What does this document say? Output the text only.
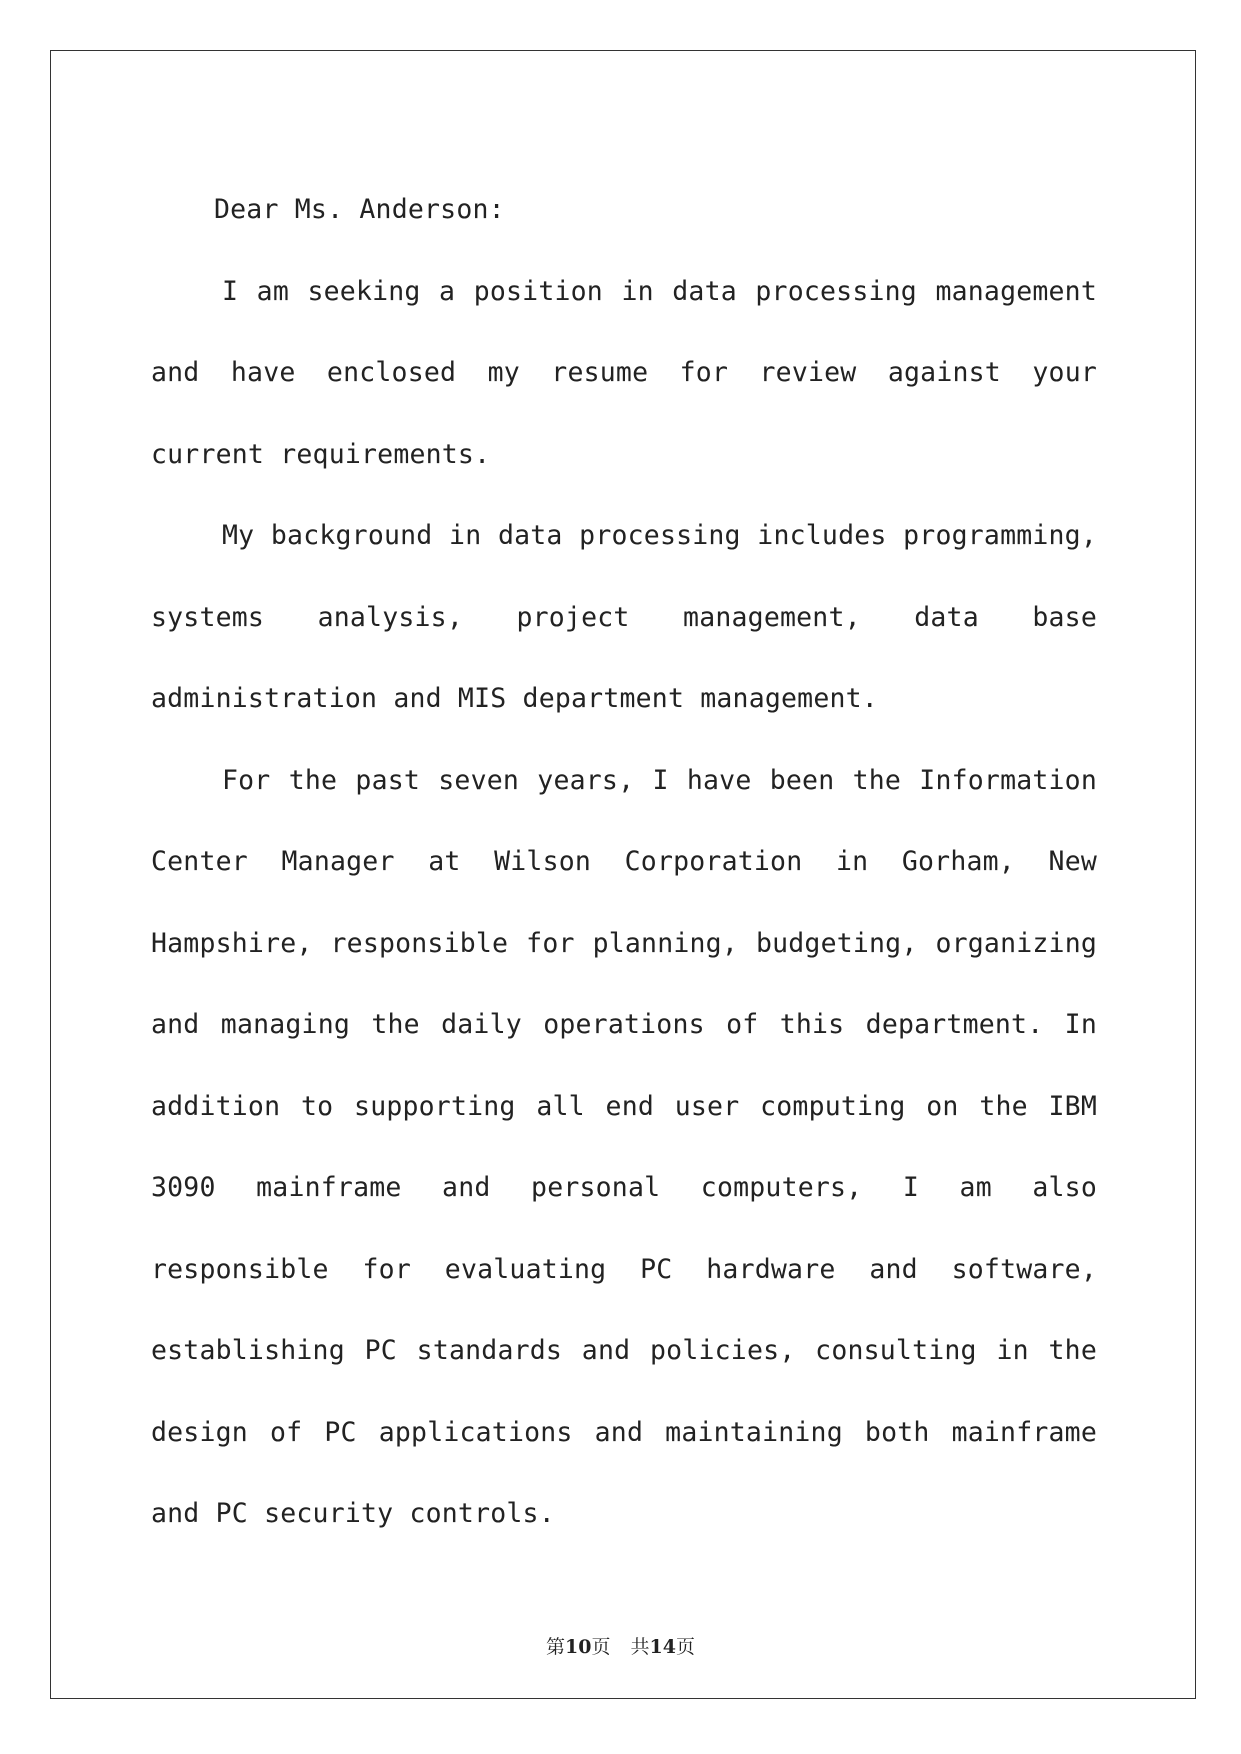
Dear Ms. Anderson:

I am seeking a position in data processing management and have enclosed my resume for review against your current requirements.

My background in data processing includes programming, systems analysis, project management, data base administration and MIS department management.

For the past seven years, I have been the Information Center Manager at Wilson Corporation in Gorham, New Hampshire, responsible for planning, budgeting, organizing and managing the daily operations of this department. In addition to supporting all end user computing on the IBM 3090 mainframe and personal computers, I am also responsible for evaluating PC hardware and software, establishing PC standards and policies, consulting in the design of PC applications and maintaining both mainframe and PC security controls.

第10页 共14页
